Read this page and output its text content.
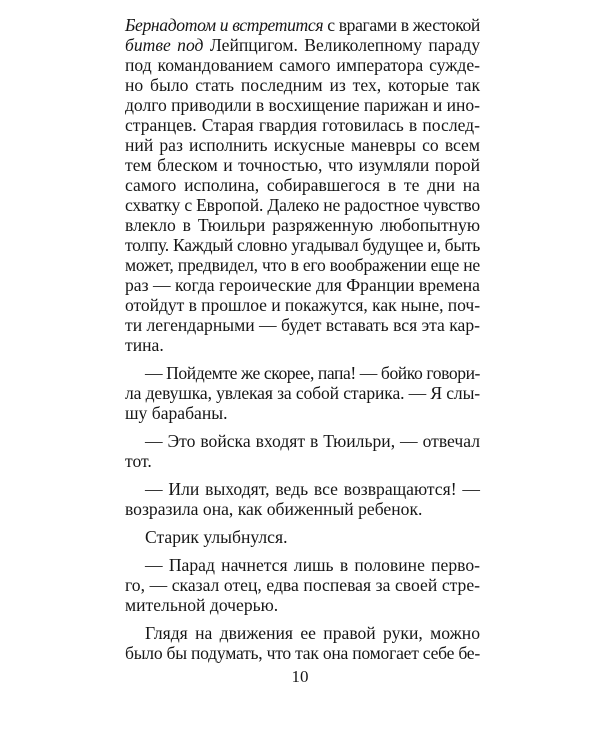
10
Бернадотом и встретится с врагами в жестокой
битве под Лейпцигом. Великолепному параду
под командованием самого императора сужде-
но было стать последним из тех, которые так
долго приводили в восхищение парижан и ино-
странцев. Старая гвардия готовилась в послед-
ний раз исполнить искусные маневры со всем
тем блеском и точностью, что изумляли порой
самого исполина, собиравшегося в те дни на
схватку с Европой. Далеко не радостное чувство
влекло в Тюильри разряженную любопытную
толпу. Каждый словно угадывал будущее и, быть
может, предвидел, что в его воображении еще не
раз — когда героические для Франции времена
отойдут в прошлое и покажутся, как ныне, поч-
ти легендарными — будет вставать вся эта кар-
тина.
— Пойдемте же скорее, папа! — бойко говори-
ла девушка, увлекая за собой старика. — Я слы-
шу барабаны.
— Это войска входят в Тюильри, — отвечал
тот.
— Или выходят, ведь все возвращаются! —
возразила она, как обиженный ребенок.
Старик улыбнулся.
— Парад начнется лишь в половине перво-
го, — сказал отец, едва поспевая за своей стре-
мительной дочерью.
Глядя на движения ее правой руки, можно
было бы подумать, что так она помогает себе бе-
